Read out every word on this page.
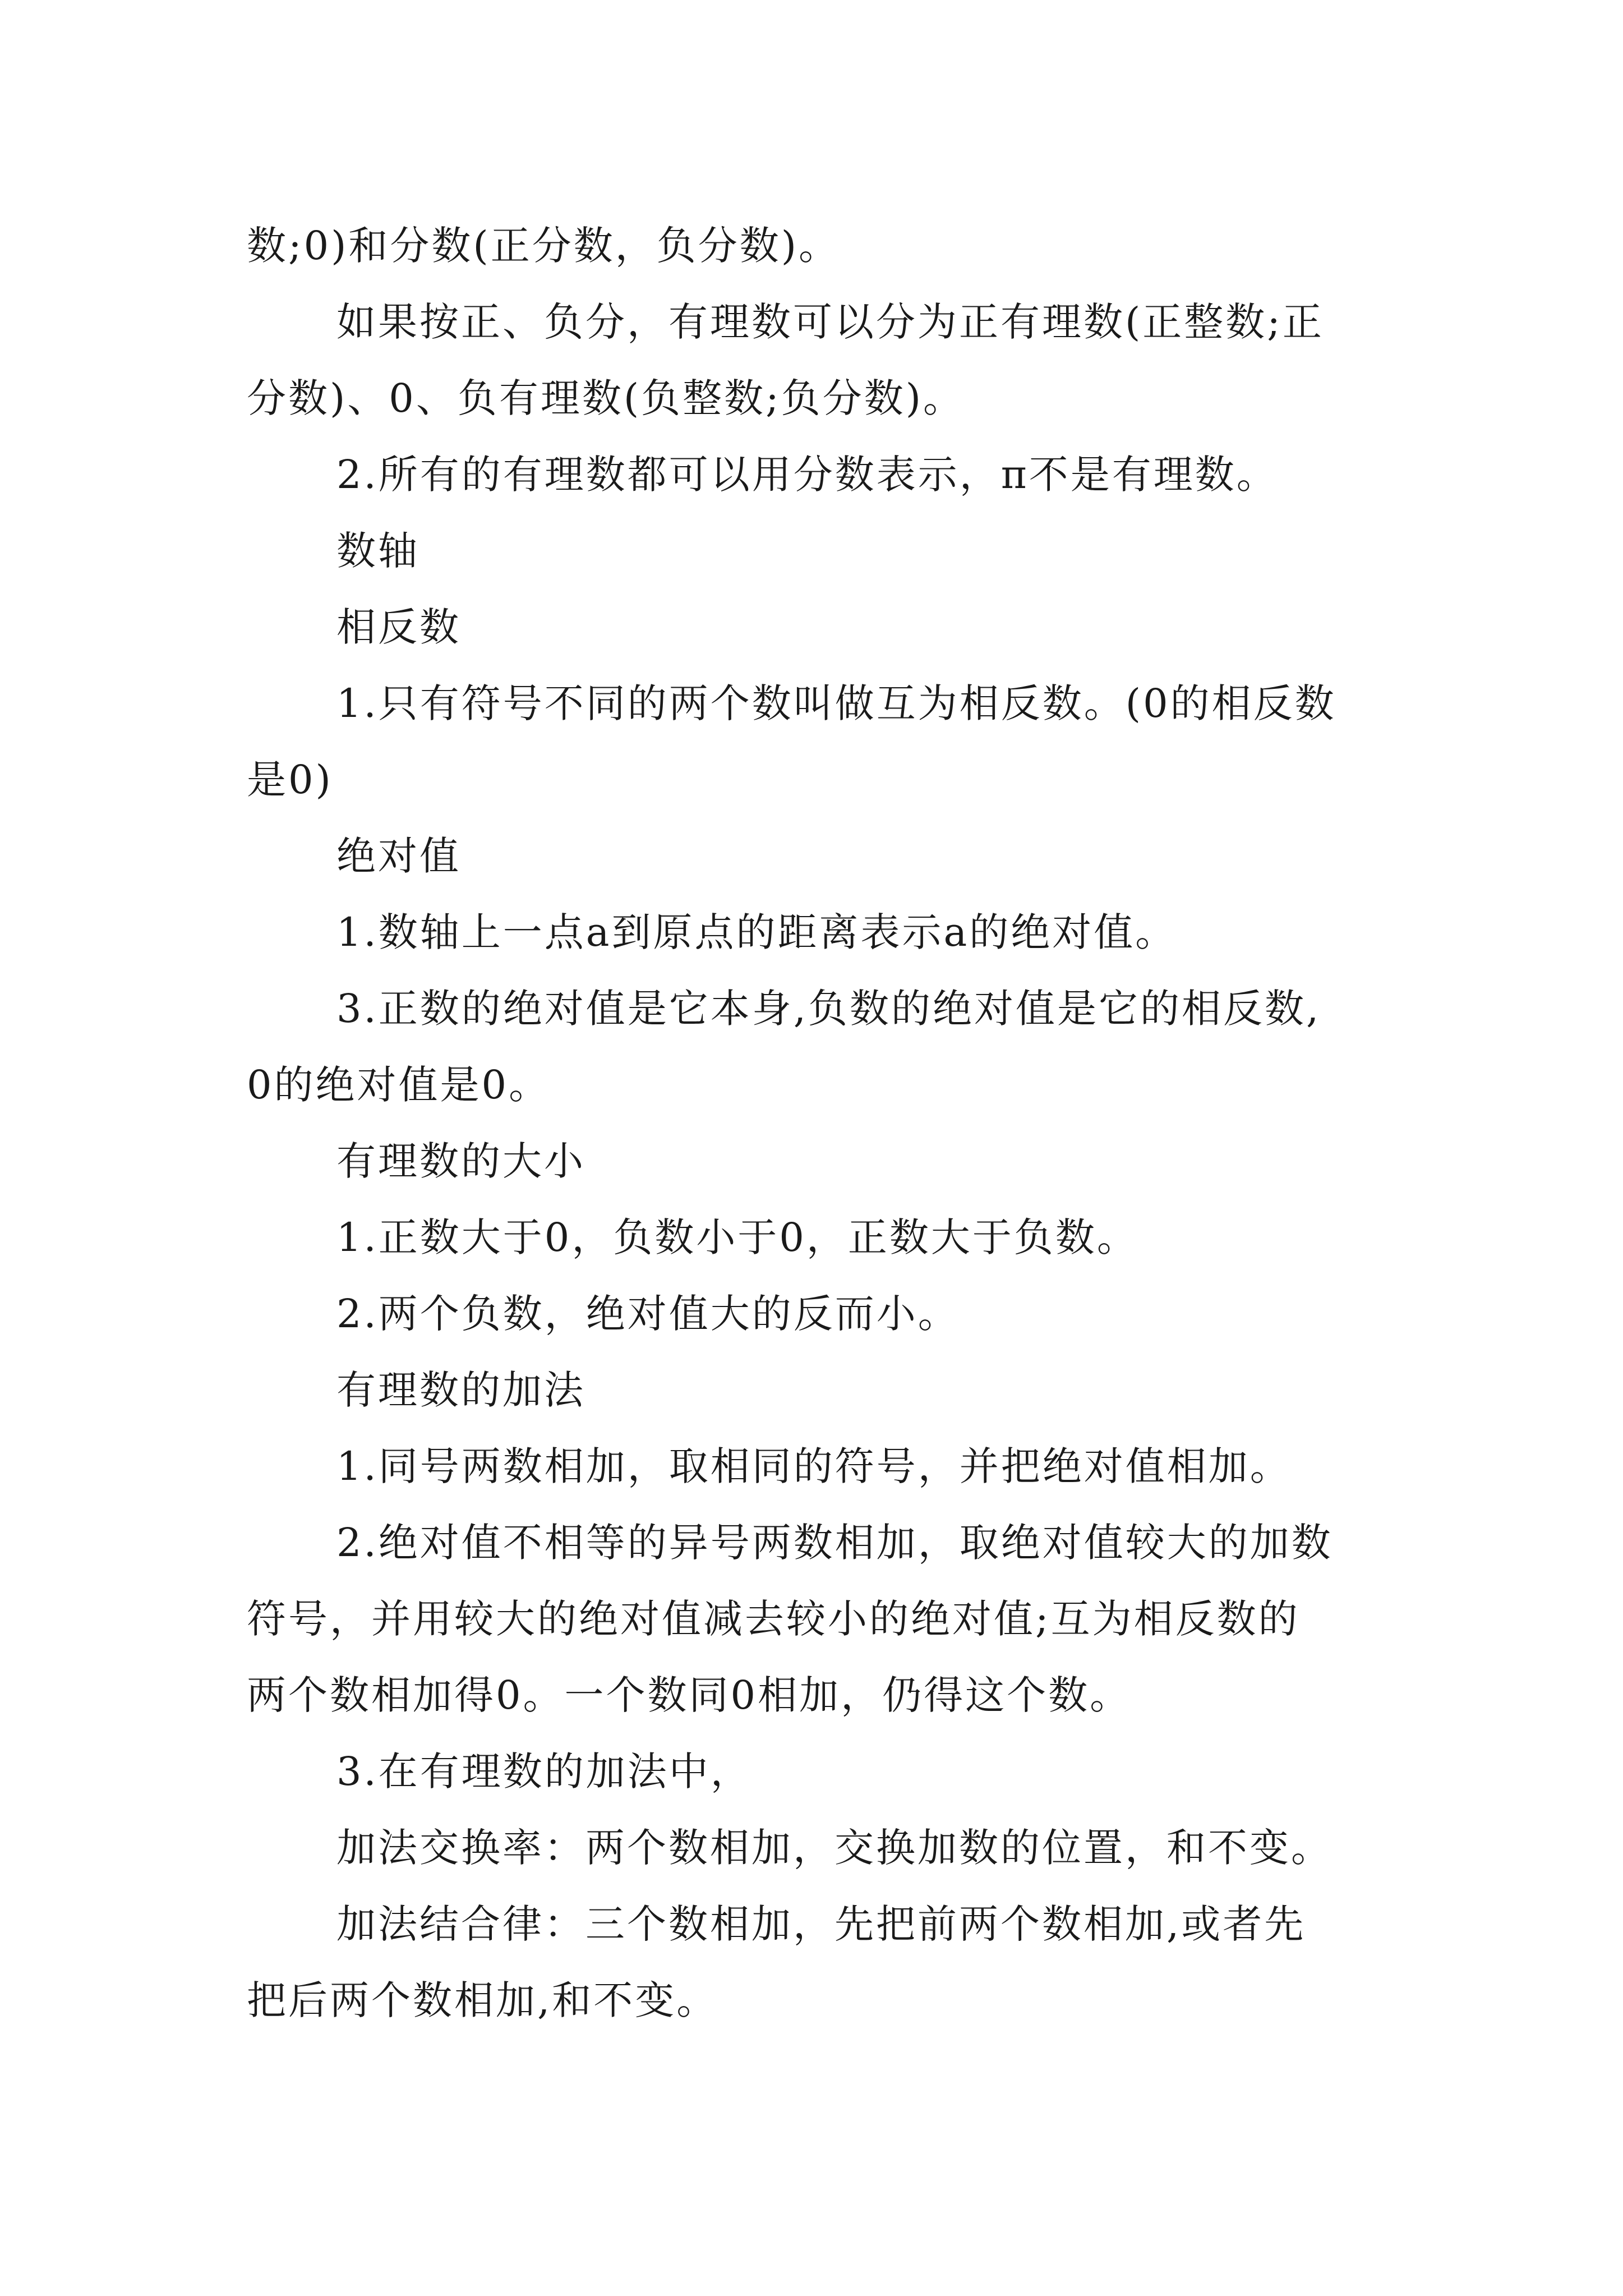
数;0)和分数(正分数，负分数)。
如果按正、负分，有理数可以分为正有理数(正整数;正
分数)、0、负有理数(负整数;负分数)。
2.所有的有理数都可以用分数表示，π不是有理数。
数轴
相反数
1.只有符号不同的两个数叫做互为相反数。(0的相反数
是0)
绝对值
1.数轴上一点a到原点的距离表示a的绝对值。
3.正数的绝对值是它本身,负数的绝对值是它的相反数,
0的绝对值是0。
有理数的大小
1.正数大于0，负数小于0，正数大于负数。
2.两个负数，绝对值大的反而小。
有理数的加法
1.同号两数相加，取相同的符号，并把绝对值相加。
2.绝对值不相等的异号两数相加，取绝对值较大的加数
符号，并用较大的绝对值减去较小的绝对值;互为相反数的
两个数相加得0。一个数同0相加，仍得这个数。
3.在有理数的加法中，
加法交换率：两个数相加，交换加数的位置，和不变。
加法结合律：三个数相加，先把前两个数相加,或者先
把后两个数相加,和不变。
